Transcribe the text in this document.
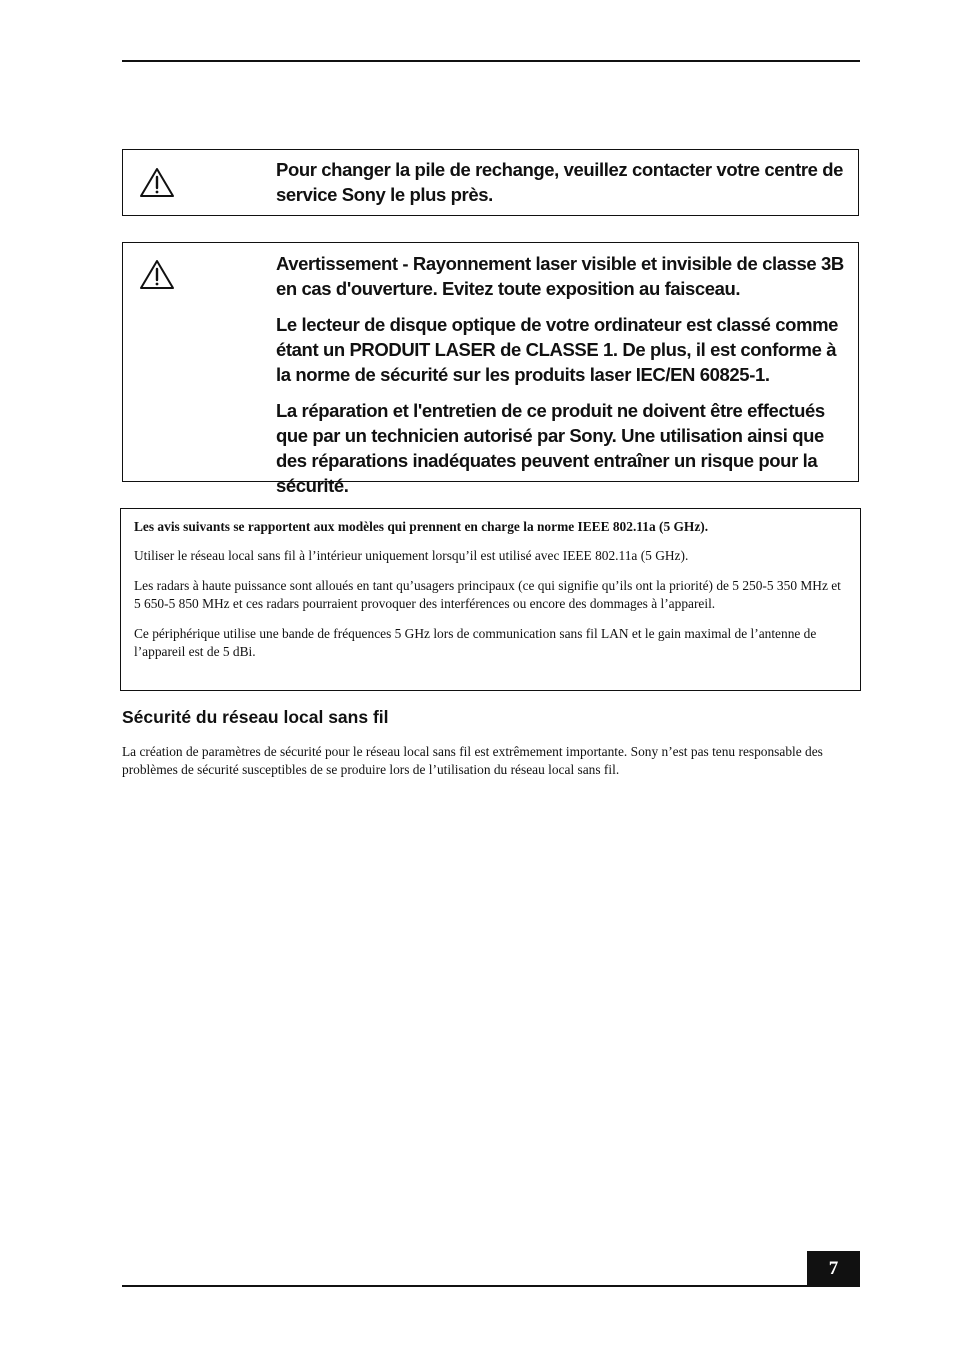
Pour changer la pile de rechange, veuillez contacter votre centre de service Sony le plus près.

Avertissement - Rayonnement laser visible et invisible de classe 3B en cas d'ouverture. Evitez toute exposition au faisceau.

Le lecteur de disque optique de votre ordinateur est classé comme étant un PRODUIT LASER de CLASSE 1. De plus, il est conforme à la norme de sécurité sur les produits laser IEC/EN 60825-1.

La réparation et l'entretien de ce produit ne doivent être effectués que par un technicien autorisé par Sony. Une utilisation ainsi que des réparations inadéquates peuvent entraîner un risque pour la sécurité.

Les avis suivants se rapportent aux modèles qui prennent en charge la norme IEEE 802.11a (5 GHz).

Utiliser le réseau local sans fil à l’intérieur uniquement lorsqu’il est utilisé avec IEEE 802.11a (5 GHz).

Les radars à haute puissance sont alloués en tant qu’usagers principaux (ce qui signifie qu’ils ont la priorité) de 5 250-5 350 MHz et 5 650-5 850 MHz et ces radars pourraient provoquer des interférences ou encore des dommages à l’appareil.

Ce périphérique utilise une bande de fréquences 5 GHz lors de communication sans fil LAN et le gain maximal de l’antenne de l’appareil est de 5 dBi.

Sécurité du réseau local sans fil

La création de paramètres de sécurité pour le réseau local sans fil est extrêmement importante. Sony n’est pas tenu responsable des problèmes de sécurité susceptibles de se produire lors de l’utilisation du réseau local sans fil.

7
